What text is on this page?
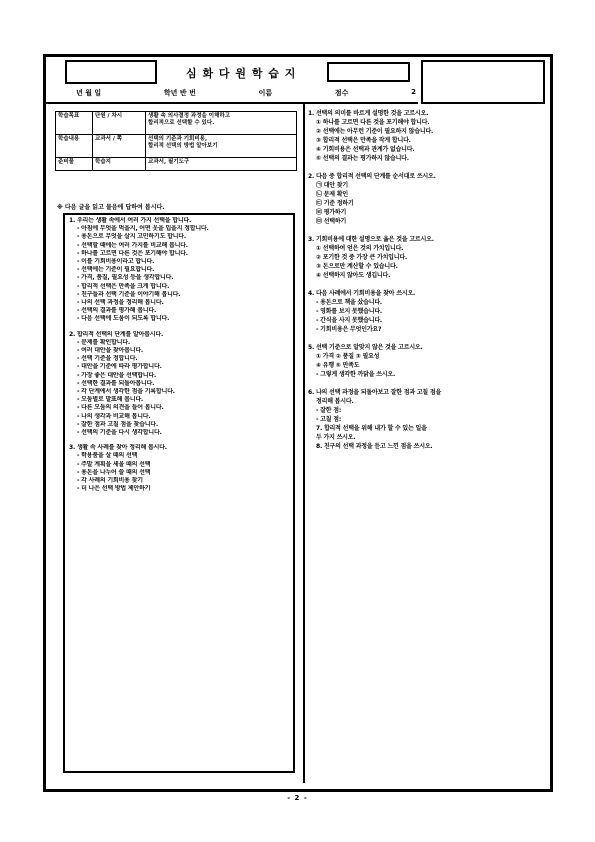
심 화 다 원 학 습 지
년 월 일	학년 반 번	이름	점수	2
학습목표	단원 / 차시	생활 속 의사결정 과정을 이해하고
합리적으로 선택할 수 있다.

학습내용	교과서 / 쪽	선택의 기준과 기회비용,
합리적 선택의 방법 알아보기

준비물	학습지	교과서, 필기도구
※ 다음 글을 읽고 물음에 답하여 봅시다.
1. 우리는 생활 속에서 여러 가지 선택을 합니다.
- 아침에 무엇을 먹을지, 어떤 옷을 입을지 정합니다.
- 용돈으로 무엇을 살지 고민하기도 합니다.
- 선택할 때에는 여러 가지를 비교해 봅니다.
- 하나를 고르면 다른 것은 포기해야 합니다.
- 이를 기회비용이라고 합니다.
- 선택에는 기준이 필요합니다.
- 가격, 품질, 필요성 등을 생각합니다.
- 합리적 선택은 만족을 크게 합니다.
- 친구들과 선택 기준을 이야기해 봅니다.
- 나의 선택 과정을 정리해 봅니다.
- 선택의 결과를 평가해 봅니다.
- 다음 선택에 도움이 되도록 합니다.
2. 합리적 선택의 단계를 알아봅시다.
- 문제를 확인합니다.
- 여러 대안을 찾아봅니다.
- 선택 기준을 정합니다.
- 대안을 기준에 따라 평가합니다.
- 가장 좋은 대안을 선택합니다.
- 선택한 결과를 되돌아봅니다.
- 각 단계에서 생각한 점을 기록합니다.
- 모둠별로 발표해 봅니다.
- 다른 모둠의 의견을 들어 봅니다.
- 나의 생각과 비교해 봅니다.
- 잘한 점과 고칠 점을 찾습니다.
- 선택의 기준을 다시 생각합니다.
3. 생활 속 사례를 찾아 정리해 봅시다.
- 학용품을 살 때의 선택
- 주말 계획을 세울 때의 선택
- 용돈을 나누어 쓸 때의 선택
- 각 사례의 기회비용 찾기
- 더 나은 선택 방법 제안하기
1. 선택의 의미를 바르게 설명한 것을 고르시오.
① 하나를 고르면 다른 것을 포기해야 합니다.
② 선택에는 아무런 기준이 필요하지 않습니다.
③ 합리적 선택은 만족을 작게 합니다.
④ 기회비용은 선택과 관계가 없습니다.
⑤ 선택의 결과는 평가하지 않습니다.
2. 다음 중 합리적 선택의 단계를 순서대로 쓰시오.
㉠ 대안 찾기
㉡ 문제 확인
㉢ 기준 정하기
㉣ 평가하기
㉤ 선택하기
3. 기회비용에 대한 설명으로 옳은 것을 고르시오.
① 선택하여 얻은 것의 가치입니다.
② 포기한 것 중 가장 큰 가치입니다.
③ 돈으로만 계산할 수 있습니다.
④ 선택하지 않아도 생깁니다.
4. 다음 사례에서 기회비용을 찾아 쓰시오.
- 용돈으로 책을 샀습니다.
- 영화를 보지 못했습니다.
- 간식을 사지 못했습니다.
- 기회비용은 무엇인가요?
5. 선택 기준으로 알맞지 않은 것을 고르시오.
① 가격 ② 품질 ③ 필요성
④ 유행 ⑤ 만족도
- 그렇게 생각한 까닭을 쓰시오.
6. 나의 선택 과정을 되돌아보고 잘한 점과 고칠 점을
정리해 봅시다.
- 잘한 점:
- 고칠 점:
7. 합리적 선택을 위해 내가 할 수 있는 일을
두 가지 쓰시오.
8. 친구의 선택 과정을 듣고 느낀 점을 쓰시오.
- 2 -
